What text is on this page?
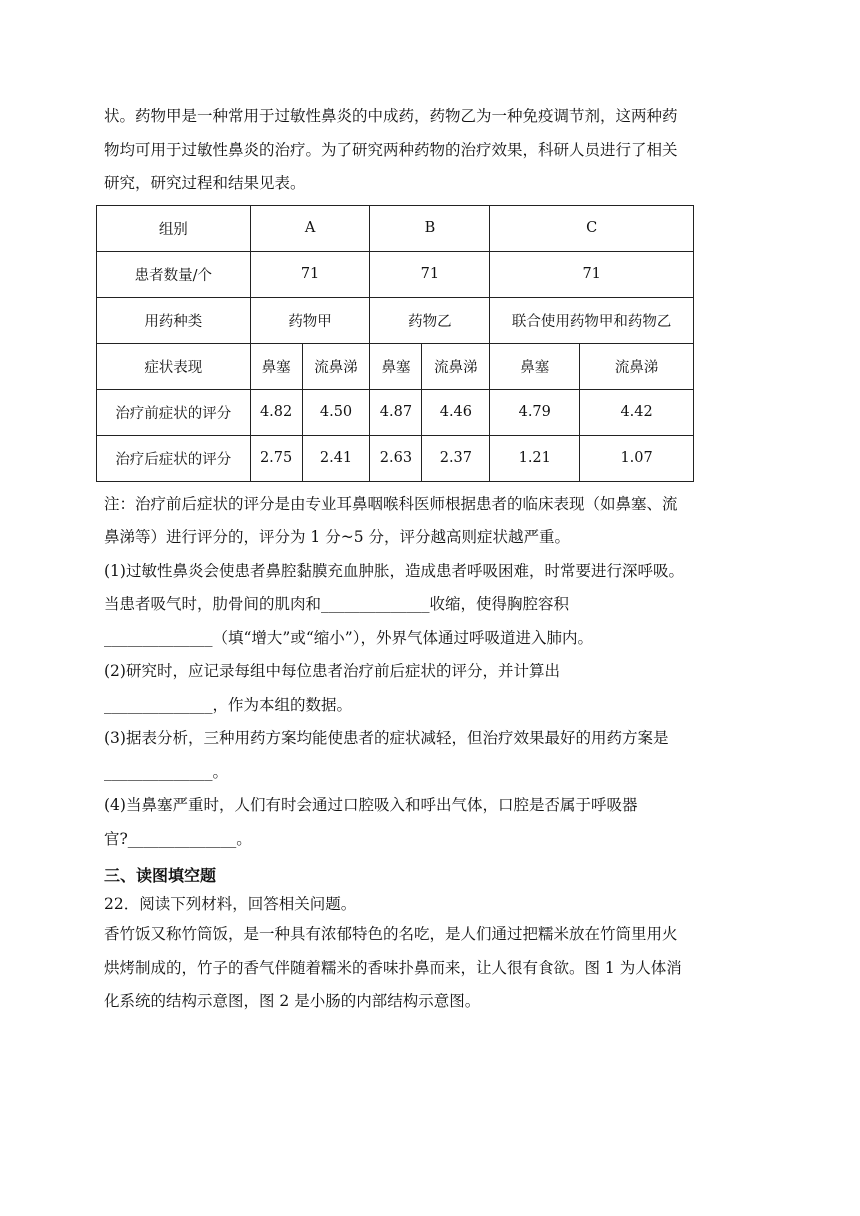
状。药物甲是一种常用于过敏性鼻炎的中成药，药物乙为一种免疫调节剂，这两种药
物均可用于过敏性鼻炎的治疗。为了研究两种药物的治疗效果，科研人员进行了相关
研究，研究过程和结果见表。
组别	A		B		C	
患者数量/个	71		71		71	
用药种类	药物甲		药物乙		联合使用药物甲和药物乙	
症状表现	鼻塞	流鼻涕	鼻塞	流鼻涕	鼻塞	流鼻涕
治疗前症状的评分	4.82	4.50	4.87	4.46	4.79	4.42
治疗后症状的评分	2.75	2.41	2.63	2.37	1.21	1.07
注：治疗前后症状的评分是由专业耳鼻咽喉科医师根据患者的临床表现（如鼻塞、流
鼻涕等）进行评分的，评分为 1 分~5 分，评分越高则症状越严重。
(1)过敏性鼻炎会使患者鼻腔黏膜充血肿胀，造成患者呼吸困难，时常要进行深呼吸。
当患者吸气时，肋骨间的肌肉和______________收缩，使得胸腔容积
______________（填“增大”或“缩小”），外界气体通过呼吸道进入肺内。
(2)研究时，应记录每组中每位患者治疗前后症状的评分，并计算出
______________，作为本组的数据。
(3)据表分析，三种用药方案均能使患者的症状减轻，但治疗效果最好的用药方案是
______________。
(4)当鼻塞严重时，人们有时会通过口腔吸入和呼出气体，口腔是否属于呼吸器
官?______________。
三、读图填空题
22．阅读下列材料，回答相关问题。
香竹饭又称竹筒饭，是一种具有浓郁特色的名吃，是人们通过把糯米放在竹筒里用火
烘烤制成的，竹子的香气伴随着糯米的香味扑鼻而来，让人很有食欲。图 1 为人体消
化系统的结构示意图，图 2 是小肠的内部结构示意图。
